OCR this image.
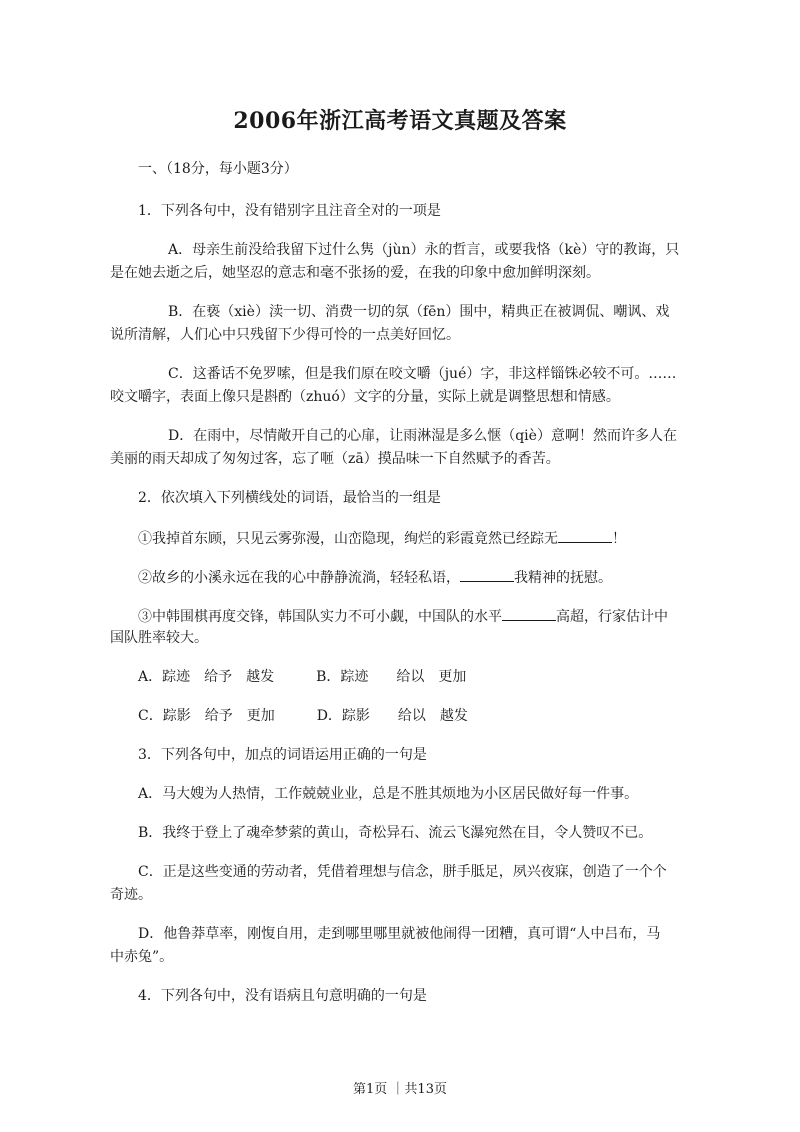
2006年浙江高考语文真题及答案
一、（18分，每小题3分）
1．下列各句中，没有错别字且注音全对的一项是
A．母亲生前没给我留下过什么隽（jùn）永的哲言，或要我恪（kè）守的教诲，只
是在她去逝之后，她坚忍的意志和毫不张扬的爱，在我的印象中愈加鲜明深刻。
B．在亵（xiè）渎一切、消费一切的氛（fēn）围中，精典正在被调侃、嘲讽、戏
说所清解，人们心中只残留下少得可怜的一点美好回忆。
C．这番话不免罗嗦，但是我们原在咬文嚼（jué）字，非这样锱铢必较不可。……
咬文嚼字，表面上像只是斟酌（zhuó）文字的分量，实际上就是调整思想和情感。
D．在雨中，尽情敞开自己的心扉，让雨淋湿是多么惬（qiè）意啊！然而许多人在
美丽的雨天却成了匆匆过客，忘了咂（zā）摸品味一下自然赋予的香苦。
2．依次填入下列横线处的词语，最恰当的一组是
①我掉首东顾，只见云雾弥漫，山峦隐现，绚烂的彩霞竟然已经踪无	！
②故乡的小溪永远在我的心中静静流淌，轻轻私语，	我精神的抚慰。
③中韩围棋再度交锋，韩国队实力不可小觑，中国队的水平	高超，行家估计中
国队胜率较大。
A．踪迹　给予　越发　　　B．踪迹　　给以　更加
C．踪影　给予　更加　　　D．踪影　　给以　越发
3．下列各句中，加点的词语运用正确的一句是
A．马大嫂为人热情，工作兢兢业业，总是不胜其烦地为小区居民做好每一件事。
B．我终于登上了魂牵梦萦的黄山，奇松异石、流云飞瀑宛然在目，令人赞叹不已。
C．正是这些变通的劳动者，凭借着理想与信念，胼手胝足，夙兴夜寐，创造了一个个
奇迹。
D．他鲁莽草率，刚愎自用，走到哪里哪里就被他闹得一团糟，真可谓“人中吕布，马
中赤兔”。
4．下列各句中，没有语病且句意明确的一句是
第1页 ｜共13页
